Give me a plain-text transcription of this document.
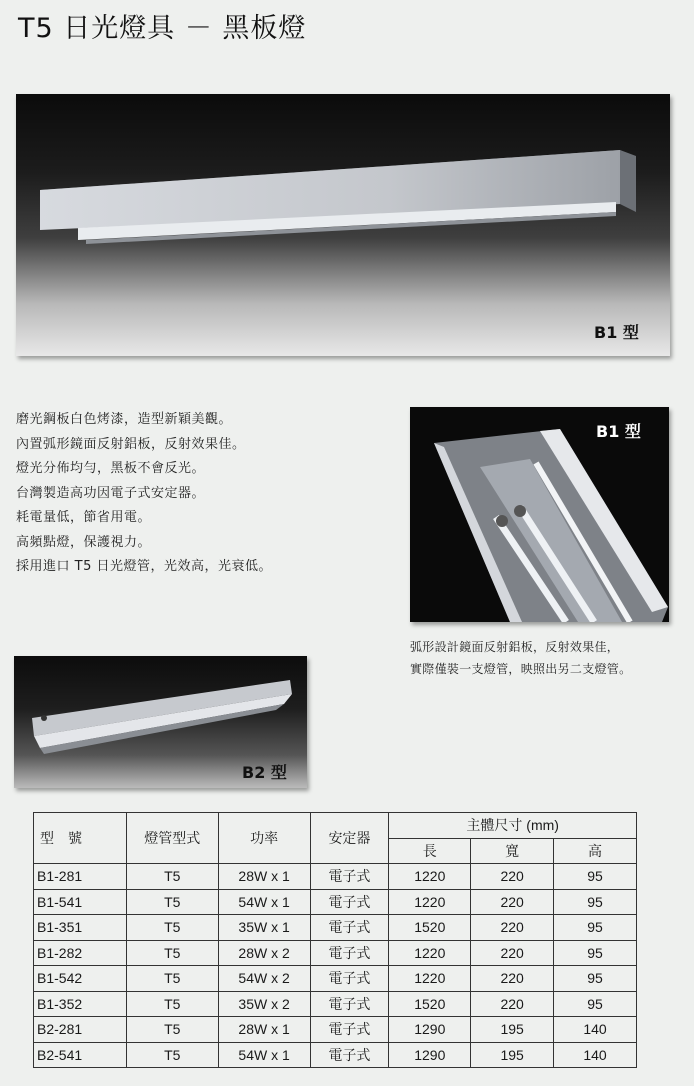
T5 日光燈具 － 黑板燈
B1 型
磨光鋼板白色烤漆，造型新穎美觀。
內置弧形鏡面反射鋁板，反射效果佳。
燈光分佈均勻，黑板不會反光。
台灣製造高功因電子式安定器。
耗電量低，節省用電。
高頻點燈，保護視力。
採用進口 T5 日光燈管，光效高，光衰低。
B1 型
弧形設計鏡面反射鋁板，反射效果佳，
實際僅裝一支燈管，映照出另二支燈管。
B2 型
型　號	燈管型式	功率	安定器	主體尺寸 (mm)		
				長	寬	高
B1-281	T5	28W x 1	電子式	1220	220	95
B1-541	T5	54W x 1	電子式	1220	220	95
B1-351	T5	35W x 1	電子式	1520	220	95
B1-282	T5	28W x 2	電子式	1220	220	95
B1-542	T5	54W x 2	電子式	1220	220	95
B1-352	T5	35W x 2	電子式	1520	220	95
B2-281	T5	28W x 1	電子式	1290	195	140
B2-541	T5	54W x 1	電子式	1290	195	140
